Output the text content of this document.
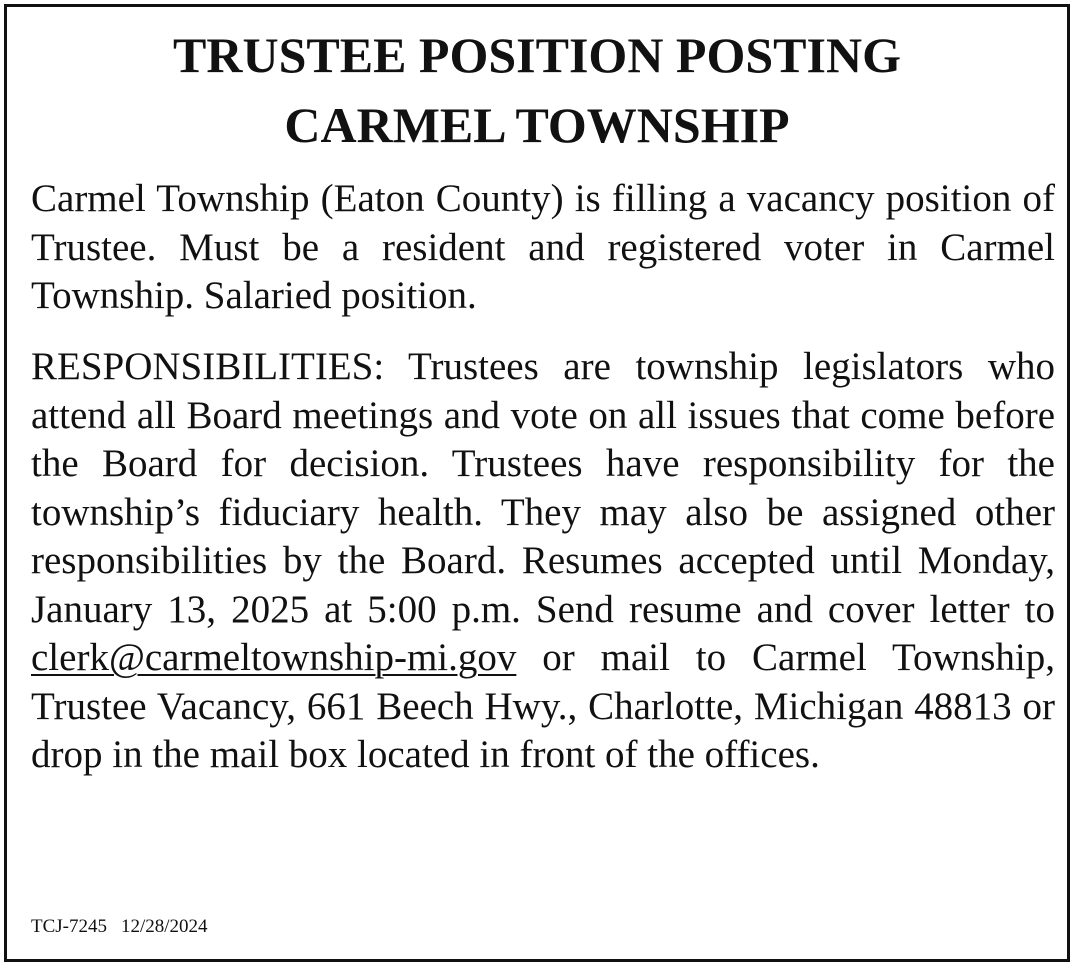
TRUSTEE POSITION POSTING
CARMEL TOWNSHIP

Carmel Township (Eaton County) is filling a vacancy position of Trustee. Must be a resident and registered voter in Carmel Township. Salaried position.

RESPONSIBILITIES: Trustees are township legislators who attend all Board meetings and vote on all issues that come before the Board for decision. Trustees have responsibility for the township’s fiduciary health. They may also be assigned other responsibilities by the Board. Resumes accepted until Monday, January 13, 2025 at 5:00 p.m. Send resume and cover letter to clerk@carmeltownship-mi.gov or mail to Carmel Township, Trustee Vacancy, 661 Beech Hwy., Charlotte, Michigan 48813 or drop in the mail box located in front of the offices.

TCJ-7245 12/28/2024
